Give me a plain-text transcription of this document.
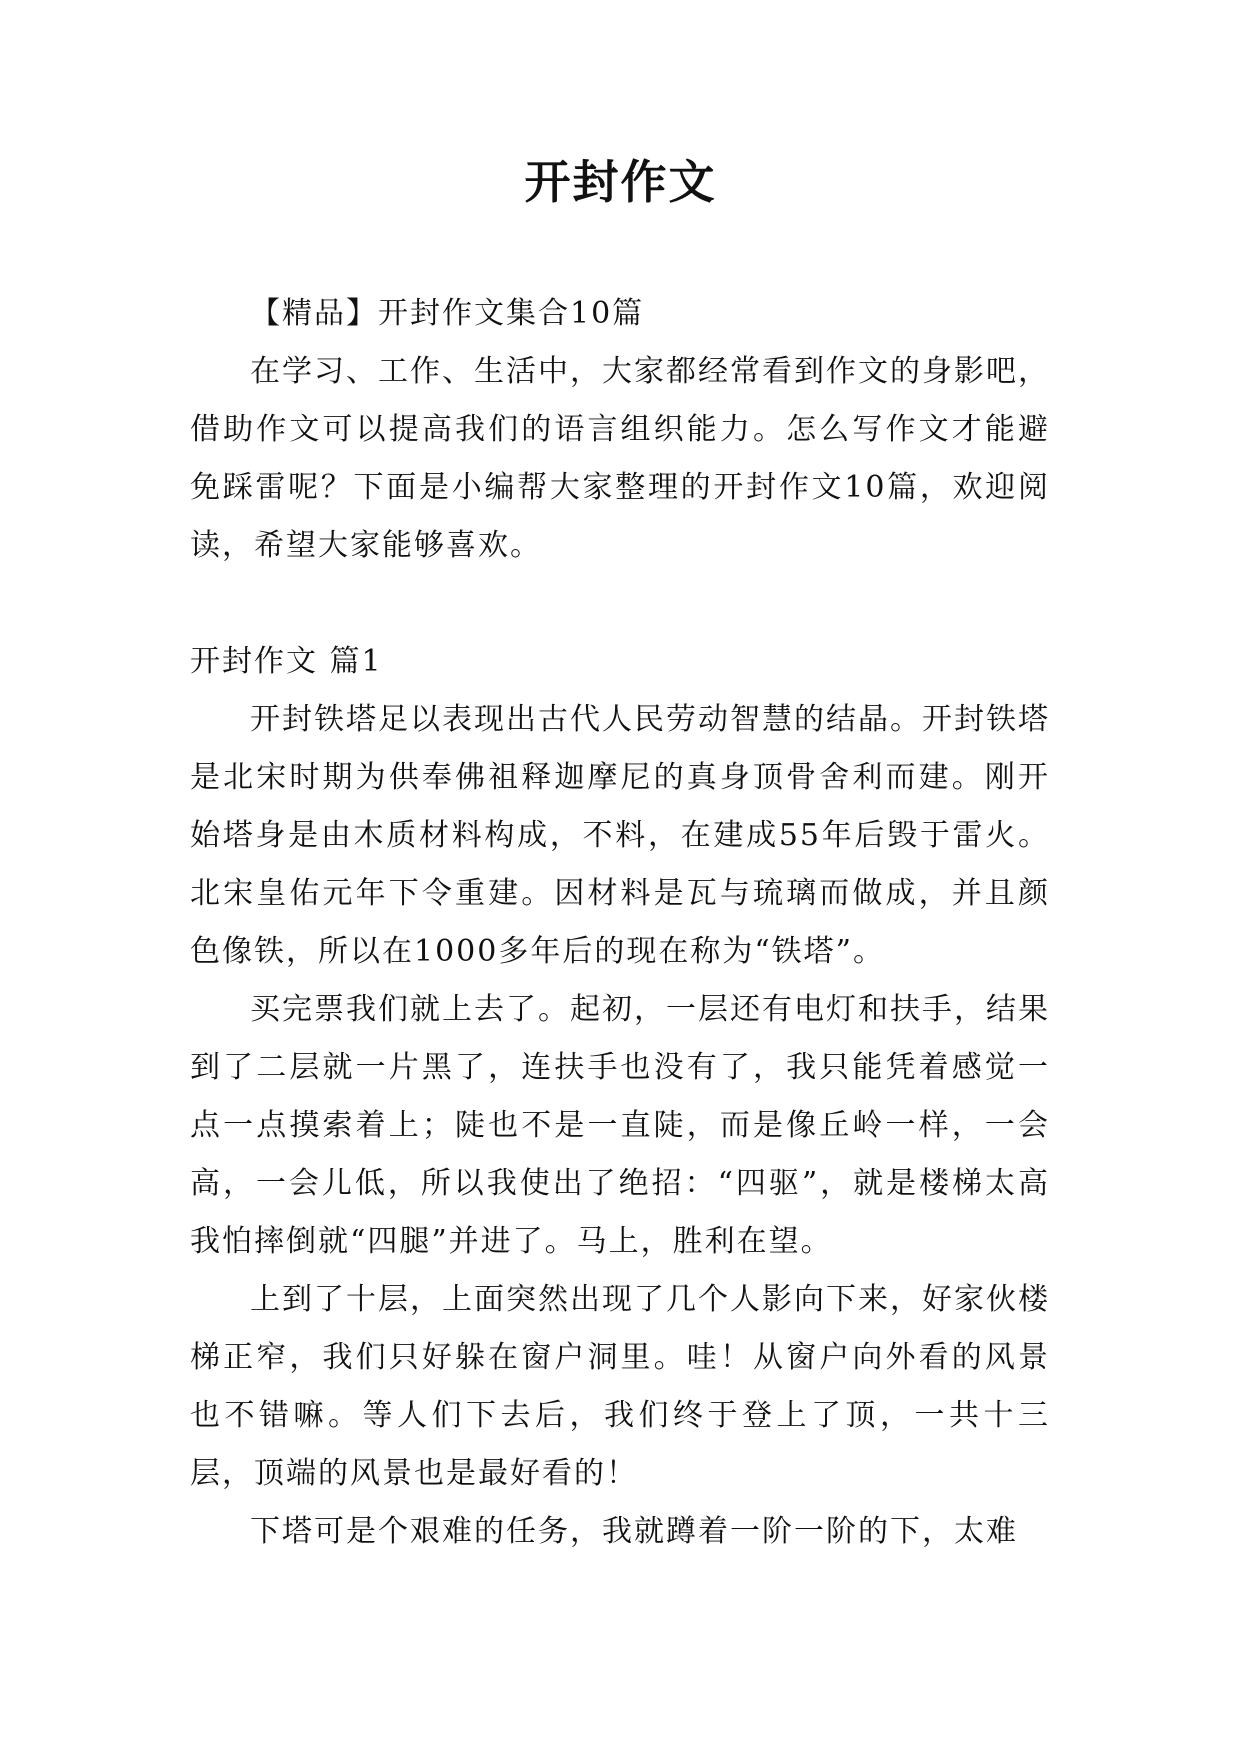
开封作文

【精品】开封作文集合10篇

在学习、工作、生活中，大家都经常看到作文的身影吧，借助作文可以提高我们的语言组织能力。怎么写作文才能避免踩雷呢？下面是小编帮大家整理的开封作文10篇，欢迎阅读，希望大家能够喜欢。

开封作文 篇1

开封铁塔足以表现出古代人民劳动智慧的结晶。开封铁塔是北宋时期为供奉佛祖释迦摩尼的真身顶骨舍利而建。刚开始塔身是由木质材料构成，不料，在建成55年后毁于雷火。北宋皇佑元年下令重建。因材料是瓦与琉璃而做成，并且颜色像铁，所以在1000多年后的现在称为“铁塔”。

买完票我们就上去了。起初，一层还有电灯和扶手，结果到了二层就一片黑了，连扶手也没有了，我只能凭着感觉一点一点摸索着上；陡也不是一直陡，而是像丘岭一样，一会高，一会儿低，所以我使出了绝招：“四驱”，就是楼梯太高我怕摔倒就“四腿”并进了。马上，胜利在望。

上到了十层，上面突然出现了几个人影向下来，好家伙楼梯正窄，我们只好躲在窗户洞里。哇！从窗户向外看的风景也不错嘛。等人们下去后，我们终于登上了顶，一共十三层，顶端的风景也是最好看的！

下塔可是个艰难的任务，我就蹲着一阶一阶的下，太难
